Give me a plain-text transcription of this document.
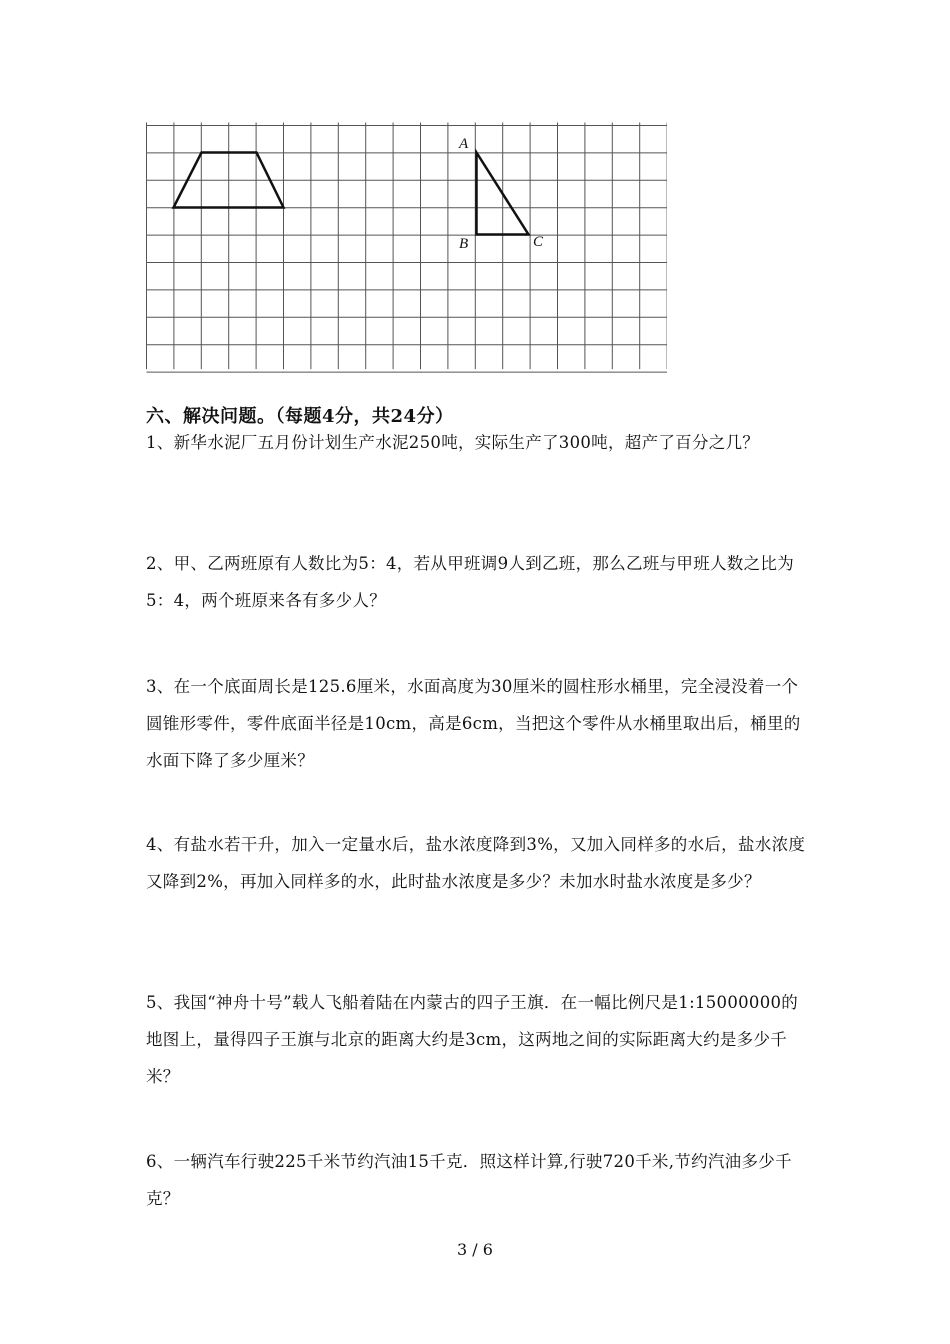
A
B	C
六、解决问题。（每题4分，共24分）
1、新华水泥厂五月份计划生产水泥250吨，实际生产了300吨，超产了百分之几？
2、甲、乙两班原有人数比为5：4，若从甲班调9人到乙班，那么乙班与甲班人数之比为5：4，两个班原来各有多少人？
3、在一个底面周长是125.6厘米，水面高度为30厘米的圆柱形水桶里，完全浸没着一个圆锥形零件，零件底面半径是10cm，高是6cm，当把这个零件从水桶里取出后，桶里的水面下降了多少厘米？
4、有盐水若干升，加入一定量水后，盐水浓度降到3%，又加入同样多的水后，盐水浓度又降到2%，再加入同样多的水，此时盐水浓度是多少？未加水时盐水浓度是多少？
5、我国“神舟十号”载人飞船着陆在内蒙古的四子王旗．在一幅比例尺是1:15000000的地图上，量得四子王旗与北京的距离大约是3cm，这两地之间的实际距离大约是多少千米？
6、一辆汽车行驶225千米节约汽油15千克．照这样计算,行驶720千米,节约汽油多少千克？
3 / 6
